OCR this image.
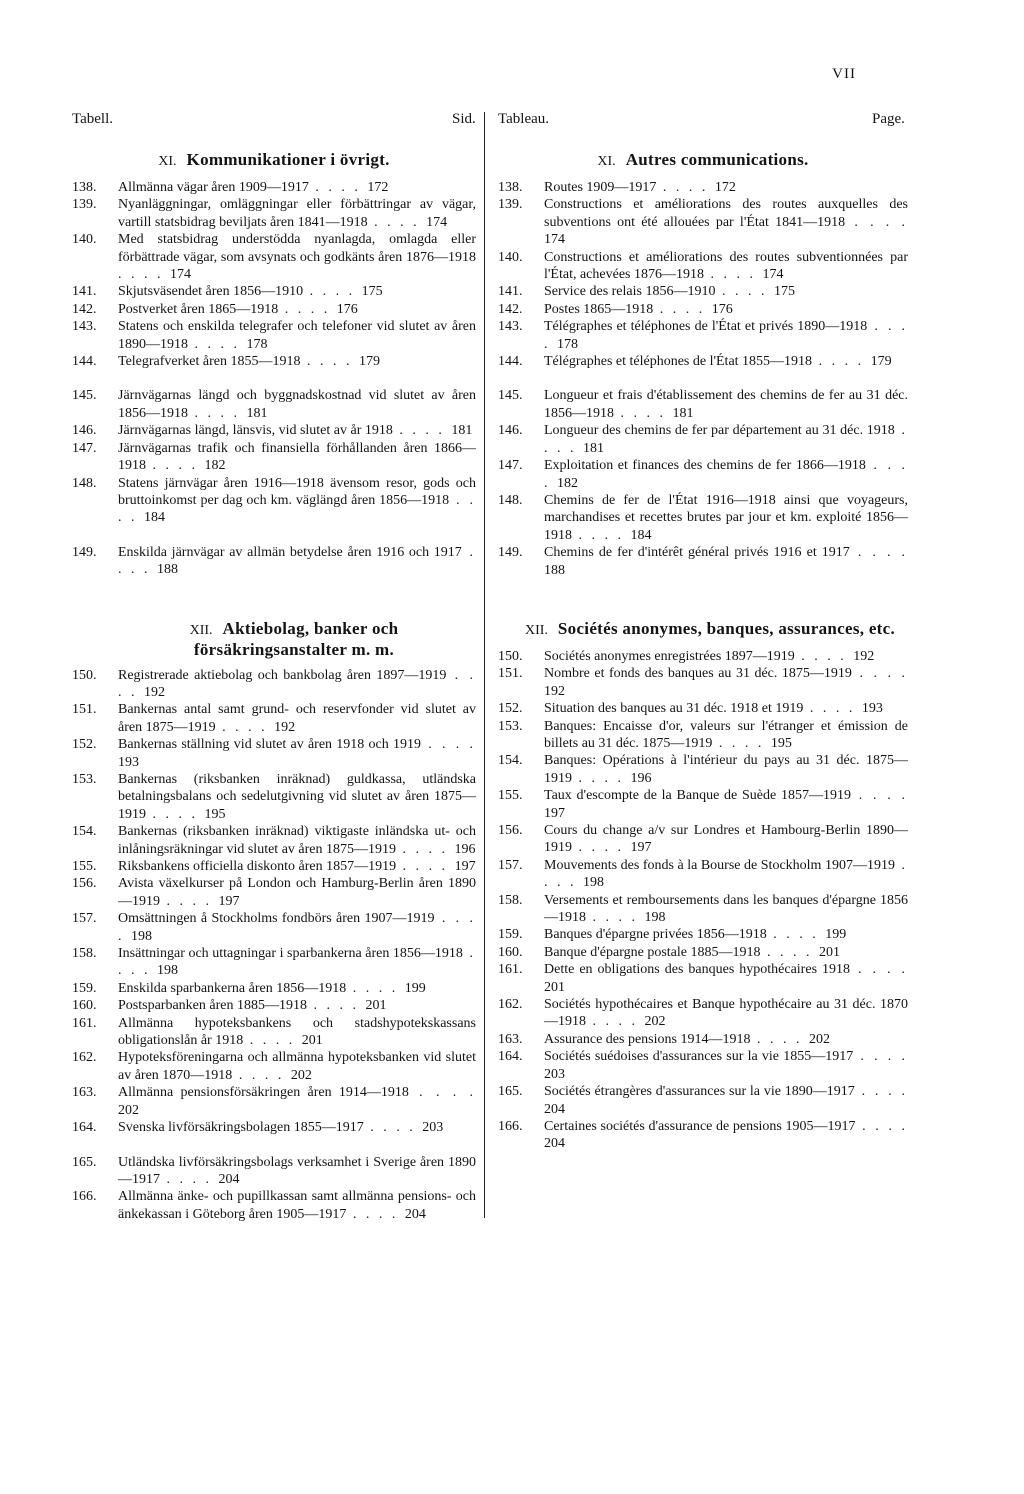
VII
Tabell.	Sid. Tableau.	Page.
XI. Kommunikationer i övrigt.
138.	Allmänna vägar åren 1909—1917 . . . . 172
139.	Nyanläggningar, omläggningar eller förbättringar av vägar, vartill statsbidrag beviljats åren 1841—1918 . . . . 174
140.	Med statsbidrag understödda nyanlagda, omlagda eller förbättrade vägar, som avsynats och godkänts åren 1876—1918 . . . . 174
141.	Skjutsväsendet åren 1856—1910 . . . . 175
142.	Postverket åren 1865—1918 . . . . 176
143.	Statens och enskilda telegrafer och telefoner vid slutet av åren 1890—1918 . . . . 178
144.	Telegrafverket åren 1855—1918 . . . . 179
145.	Järnvägarnas längd och byggnadskostnad vid slutet av åren 1856—1918 . . . . 181
146.	Järnvägarnas längd, länsvis, vid slutet av år 1918 . . . . 181
147.	Järnvägarnas trafik och finansiella förhållanden åren 1866—1918 . . . . 182
148.	Statens järnvägar åren 1916—1918 ävensom resor, gods och bruttoinkomst per dag och km. väglängd åren 1856—1918 . . . . 184
149.	Enskilda järnvägar av allmän betydelse åren 1916 och 1917 . . . . 188
XII. Aktiebolag, banker och försäkringsanstalter m. m.
150.	Registrerade aktiebolag och bankbolag åren 1897—1919 . . . . 192
151.	Bankernas antal samt grund- och reservfonder vid slutet av åren 1875—1919 . . . . 192
152.	Bankernas ställning vid slutet av åren 1918 och 1919 . . . . 193
153.	Bankernas (riksbanken inräknad) guldkassa, utländska betalningsbalans och sedelutgivning vid slutet av åren 1875—1919 . . . . 195
154.	Bankernas (riksbanken inräknad) viktigaste inländska ut- och inlåningsräkningar vid slutet av åren 1875—1919 . . . . 196
155.	Riksbankens officiella diskonto åren 1857—1919 . . . . 197
156.	Avista växelkurser på London och Hamburg-Berlin åren 1890—1919 . . . . 197
157.	Omsättningen å Stockholms fondbörs åren 1907—1919 . . . . 198
158.	Insättningar och uttagningar i sparbankerna åren 1856—1918 . . . . 198
159.	Enskilda sparbankerna åren 1856—1918 . . . . 199
160.	Postsparbanken åren 1885—1918 . . . . 201
161.	Allmänna hypoteksbankens och stadshypotekskassans obligationslån år 1918 . . . . 201
162.	Hypoteksföreningarna och allmänna hypoteksbanken vid slutet av åren 1870—1918 . . . . 202
163.	Allmänna pensionsförsäkringen åren 1914—1918 . . . . 202
164.	Svenska livförsäkringsbolagen 1855—1917 . . . . 203
165.	Utländska livförsäkringsbolags verksamhet i Sverige åren 1890—1917 . . . . 204
166.	Allmänna änke- och pupillkassan samt allmänna pensions- och änkekassan i Göteborg åren 1905—1917 . . . . 204
XI. Autres communications.
138.	Routes 1909—1917 . . . . 172
139.	Constructions et améliorations des routes auxquelles des subventions ont été allouées par l'État 1841—1918 . . . . 174
140.	Constructions et améliorations des routes subventionnées par l'État, achevées 1876—1918 . . . . 174
141.	Service des relais 1856—1910 . . . . 175
142.	Postes 1865—1918 . . . . 176
143.	Télégraphes et téléphones de l'État et privés 1890—1918 . . . . 178
144.	Télégraphes et téléphones de l'État 1855—1918 . . . . 179
145.	Longueur et frais d'établissement des chemins de fer au 31 déc. 1856—1918 . . . . 181
146.	Longueur des chemins de fer par département au 31 déc. 1918 . . . . 181
147.	Exploitation et finances des chemins de fer 1866—1918 . . . . 182
148.	Chemins de fer de l'État 1916—1918 ainsi que voyageurs, marchandises et recettes brutes par jour et km. exploité 1856—1918 . . . . 184
149.	Chemins de fer d'intérêt général privés 1916 et 1917 . . . . 188
XII. Sociétés anonymes, banques, assurances, etc.
150.	Sociétés anonymes enregistrées 1897—1919 . . . . 192
151.	Nombre et fonds des banques au 31 déc. 1875—1919 . . . . 192
152.	Situation des banques au 31 déc. 1918 et 1919 . . . . 193
153.	Banques: Encaisse d'or, valeurs sur l'étranger et émission de billets au 31 déc. 1875—1919 . . . . 195
154.	Banques: Opérations à l'intérieur du pays au 31 déc. 1875—1919 . . . . 196
155.	Taux d'escompte de la Banque de Suède 1857—1919 . . . . 197
156.	Cours du change a/v sur Londres et Hambourg-Berlin 1890—1919 . . . . 197
157.	Mouvements des fonds à la Bourse de Stockholm 1907—1919 . . . . 198
158.	Versements et remboursements dans les banques d'épargne 1856—1918 . . . . 198
159.	Banques d'épargne privées 1856—1918 . . . . 199
160.	Banque d'épargne postale 1885—1918 . . . . 201
161.	Dette en obligations des banques hypothécaires 1918 . . . . 201
162.	Sociétés hypothécaires et Banque hypothécaire au 31 déc. 1870—1918 . . . . 202
163.	Assurance des pensions 1914—1918 . . . . 202
164.	Sociétés suédoises d'assurances sur la vie 1855—1917 . . . . 203
165.	Sociétés étrangères d'assurances sur la vie 1890—1917 . . . . 204
166.	Certaines sociétés d'assurance de pensions 1905—1917 . . . . 204
